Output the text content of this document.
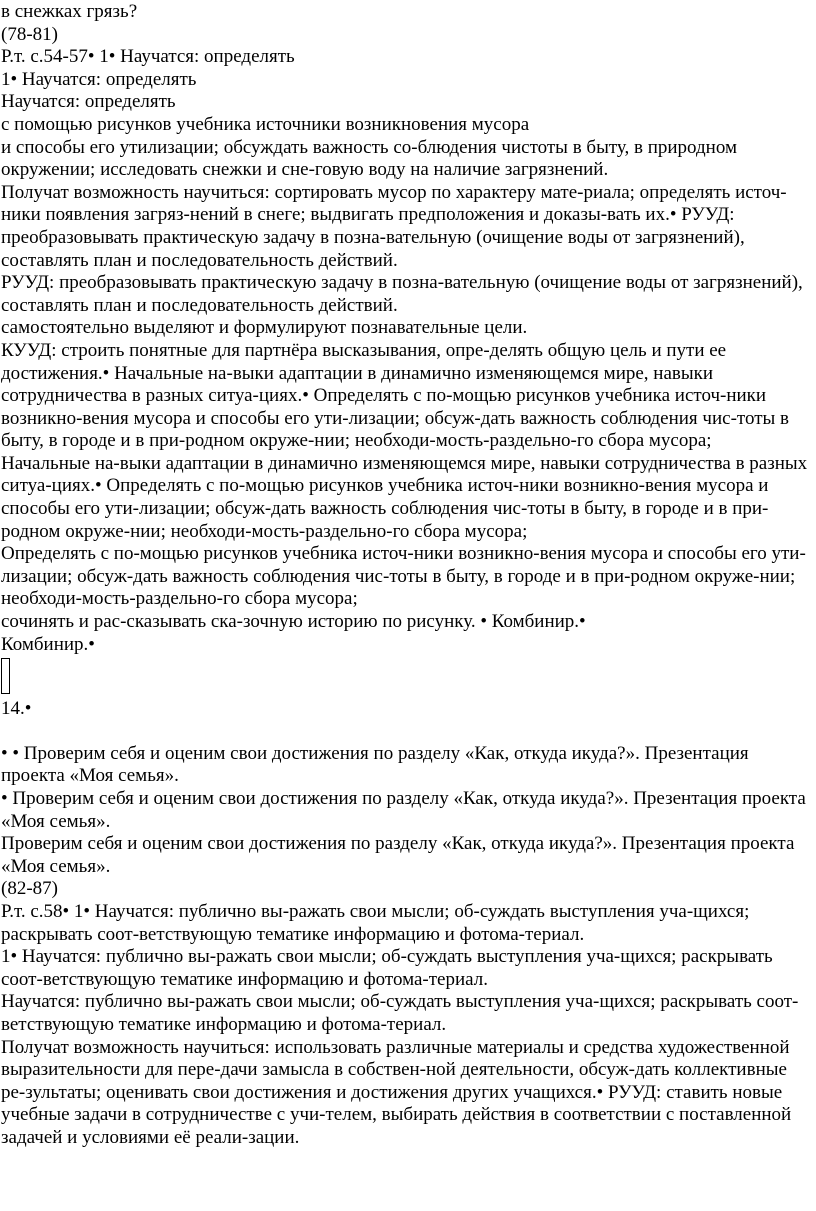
в снежках грязь?

(78-81)

Р.т. с.54-57• 1• Научатся: определять

1• Научатся: определять

Научатся: определять

с помощью рисунков учебника источники возникновения мусора

и способы его утилизации; обсуждать важность со-блюдения чистоты в быту, в природном окружении; исследовать снежки и сне-говую воду на наличие загрязнений.

Получат возможность научиться: сортировать мусор по характеру мате-риала; определять источ-ники появления загряз-нений в снеге; выдвигать предположения и доказы-вать их.• РУУД: преобразовывать практическую задачу в позна-вательную (очищение воды от загрязнений), составлять план и последовательность действий.

РУУД: преобразовывать практическую задачу в позна-вательную (очищение воды от загрязнений), составлять план и последовательность действий.

самостоятельно выделяют и формулируют познавательные цели.

КУУД: строить понятные для партнёра высказывания, опре-делять общую цель и пути ее достижения.• Начальные на-выки адаптации в динамично изменяющемся мире, навыки сотрудничества в разных ситуа-циях.• Определять с по-мощью рисунков учебника источ-ники возникно-вения мусора и способы его ути-лизации; обсуж-дать важность соблюдения чис-тоты в быту, в городе и в при-родном окруже-нии; необходи-мость-раздельно-го сбора мусора;

Начальные на-выки адаптации в динамично изменяющемся мире, навыки сотрудничества в разных ситуа-циях.• Определять с по-мощью рисунков учебника источ-ники возникно-вения мусора и способы его ути-лизации; обсуж-дать важность соблюдения чис-тоты в быту, в городе и в при-родном окруже-нии; необходи-мость-раздельно-го сбора мусора;

Определять с по-мощью рисунков учебника источ-ники возникно-вения мусора и способы его ути-лизации; обсуж-дать важность соблюдения чис-тоты в быту, в городе и в при-родном окруже-нии; необходи-мость-раздельно-го сбора мусора;

сочинять и рас-сказывать ска-зочную историю по рисунку. • Комбинир.•

Комбинир.•

14.•

• • Проверим себя и оценим свои достижения по разделу «Как, откуда икуда?». Презентация проекта «Моя семья».

• Проверим себя и оценим свои достижения по разделу «Как, откуда икуда?». Презентация проекта «Моя семья».

Проверим себя и оценим свои достижения по разделу «Как, откуда икуда?». Презентация проекта «Моя семья».

(82-87)

Р.т. с.58• 1• Научатся: публично вы-ражать свои мысли; об-суждать выступления уча-щихся; раскрывать соот-ветствующую тематике информацию и фотома-териал.

1• Научатся: публично вы-ражать свои мысли; об-суждать выступления уча-щихся; раскрывать соот-ветствующую тематике информацию и фотома-териал.

Научатся: публично вы-ражать свои мысли; об-суждать выступления уча-щихся; раскрывать соот-ветствующую тематике информацию и фотома-териал.

Получат возможность научиться: использовать различные материалы и средства художественной выразительности для пере-дачи замысла в собствен-ной деятельности, обсуж-дать коллективные ре-зультаты; оценивать свои достижения и достижения других учащихся.• РУУД: ставить новые учебные задачи в сотрудничестве с учи-телем, выбирать действия в соответствии с поставленной задачей и условиями её реали-зации.
